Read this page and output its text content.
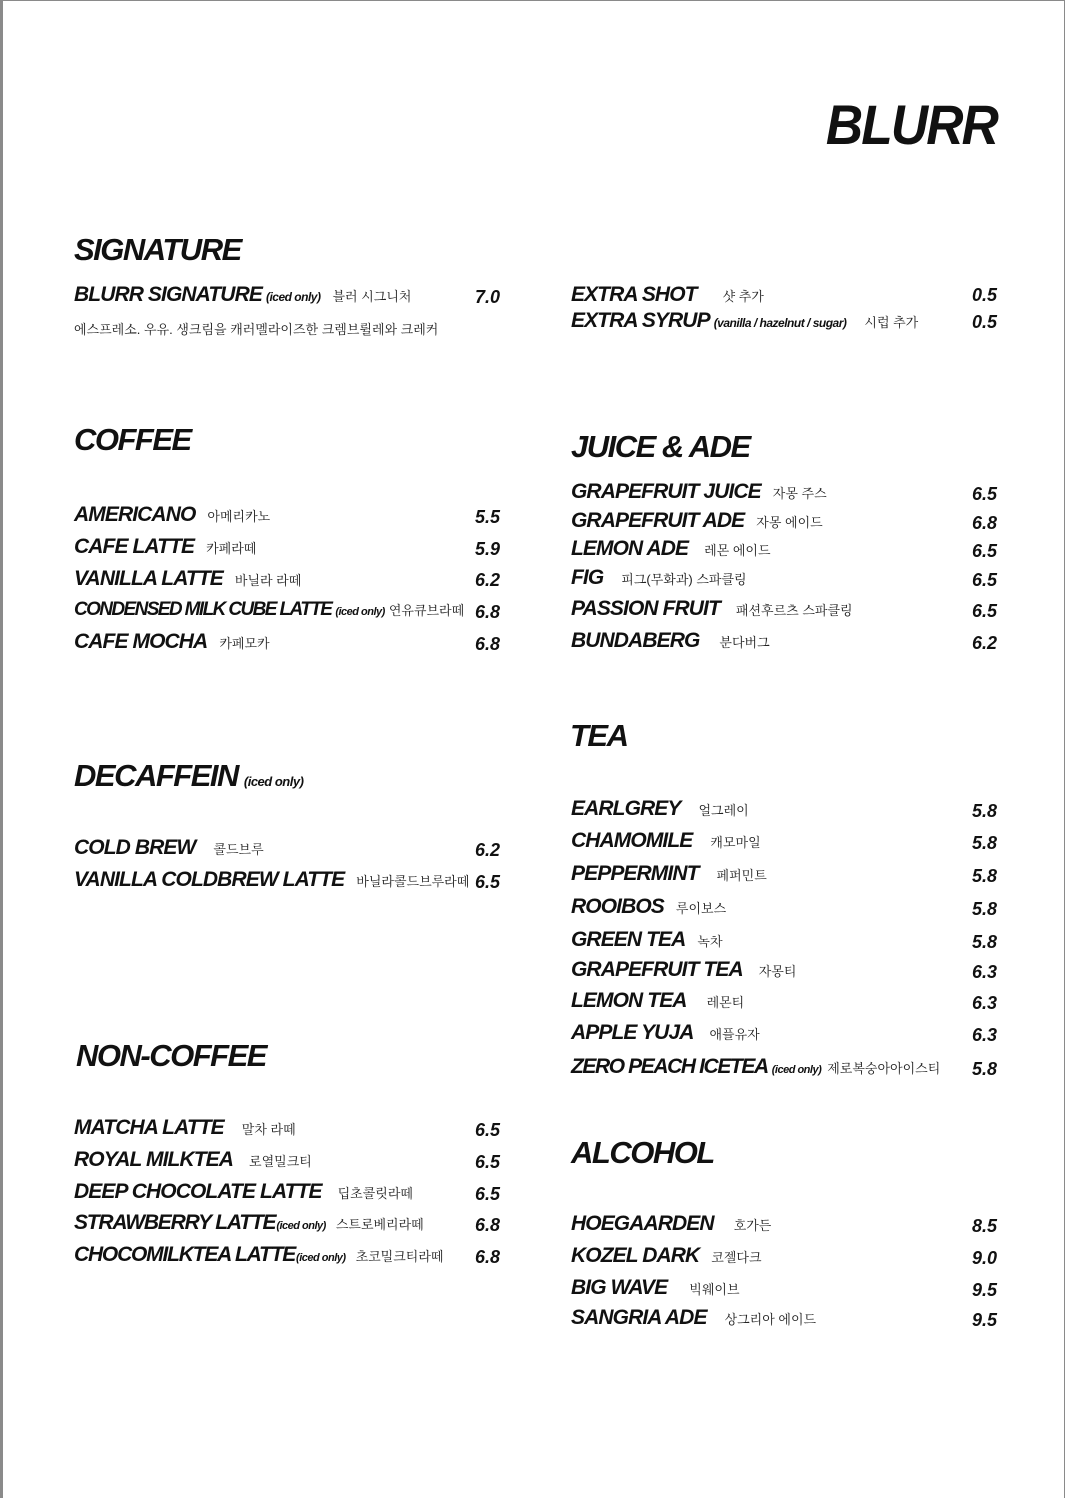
BLURR
SIGNATURE
BLURR SIGNATURE (iced only) 블러 시그니처	7.0
에스프레소. 우유. 생크림을 캐러멜라이즈한 크렘브륄레와 크레커
EXTRA SHOT 샷 추가	0.5
EXTRA SYRUP (vanilla / hazelnut / sugar) 시럽 추가	0.5
COFFEE
AMERICANO 아메리카노	5.5
CAFE LATTE 카페라떼	5.9
VANILLA LATTE 바닐라 라떼	6.2
CONDENSED MILK CUBE LATTE (iced only) 연유큐브라떼 6.8
CAFE MOCHA 카페모카	6.8
DECAFFEIN (iced only)
COLD BREW 콜드브루	6.2
VANILLA COLDBREW LATTE 바닐라콜드브루라떼 6.5
NON-COFFEE
MATCHA LATTE 말차 라떼	6.5
ROYAL MILKTEA 로열밀크티	6.5
DEEP CHOCOLATE LATTE 딥초콜릿라떼	6.5
STRAWBERRY LATTE (iced only) 스트로베리라떼	6.8
CHOCOMILKTEA LATTE (iced only) 초코밀크티라떼 6.8
JUICE & ADE
GRAPEFRUIT JUICE 자몽 주스	6.5
GRAPEFRUIT ADE 자몽 에이드	6.8
LEMON ADE 레몬 에이드	6.5
FIG 피그(무화과) 스파클링	6.5
PASSION FRUIT 패션후르츠 스파클링	6.5
BUNDABERG 분다버그	6.2
TEA
EARLGREY 얼그레이	5.8
CHAMOMILE 캐모마일	5.8
PEPPERMINT 페퍼민트	5.8
ROOIBOS 루이보스	5.8
GREEN TEA 녹차	5.8
GRAPEFRUIT TEA 자몽티	6.3
LEMON TEA 레몬티	6.3
APPLE YUJA 애플유자	6.3
ZERO PEACH ICETEA (iced only) 제로복숭아아이스티 5.8
ALCOHOL
HOEGAARDEN 호가든	8.5
KOZEL DARK 코젤다크	9.0
BIG WAVE 빅웨이브	9.5
SANGRIA ADE 상그리아 에이드	9.5
